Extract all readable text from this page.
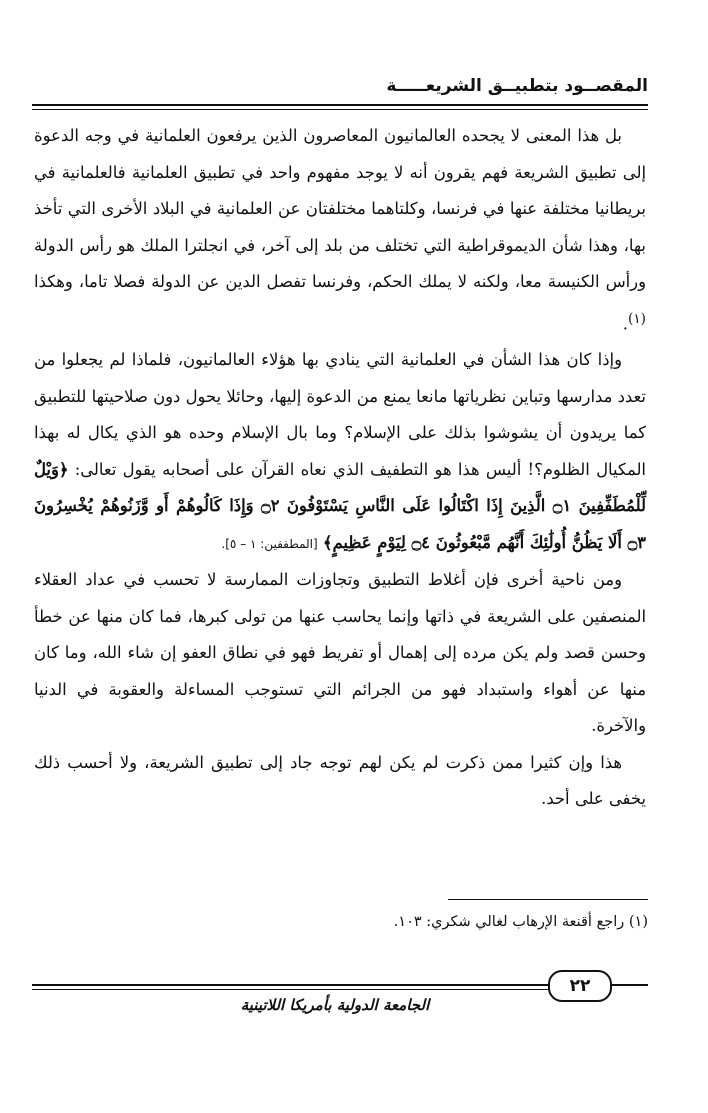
المقصــود بتطبيــق الشريعـــــة

بل هذا المعنى لا يجحده العالمانيون المعاصرون الذين يرفعون العلمانية في وجه الدعوة إلى تطبيق الشريعة فهم يقرون أنه لا يوجد مفهوم واحد في تطبيق العلمانية فالعلمانية في بريطانيا مختلفة عنها في فرنسا، وكلتاهما مختلفتان عن العلمانية في البلاد الأخرى التي تأخذ بها، وهذا شأن الديموقراطية التي تختلف من بلد إلى آخر، في انجلترا الملك هو رأس الدولة ورأس الكنيسة معا، ولكنه لا يملك الحكم، وفرنسا تفصل الدين عن الدولة فصلا تاما، وهكذا $^{(١)}$.

وإذا كان هذا الشأن في العلمانية التي ينادي بها هؤلاء العالمانيون، فلماذا لم يجعلوا من تعدد مدارسها وتباين نظرياتها مانعا يمنع من الدعوة إليها، وحائلا يحول دون صلاحيتها للتطبيق كما يريدون أن يشوشوا بذلك على الإسلام؟ وما بال الإسلام وحده هو الذي يكال له بهذا المكيال الظلوم؟! أليس هذا هو التطفيف الذي نعاه القرآن على أصحابه يقول تعالى: ﴿وَيْلٌ لِّلْمُطَفِّفِينَ ۝١ الَّذِينَ إِذَا اكْتَالُوا عَلَى النَّاسِ يَسْتَوْفُونَ ۝٢ وَإِذَا كَالُوهُمْ أَو وَّزَنُوهُمْ يُخْسِرُونَ ۝٣ أَلَا يَظُنُّ أُولَٰئِكَ أَنَّهُم مَّبْعُوثُونَ ۝٤ لِيَوْمٍ عَظِيمٍ﴾ [المطففين: ١ – ٥].

ومن ناحية أخرى فإن أغلاط التطبيق وتجاوزات الممارسة لا تحسب في عداد العقلاء المنصفين على الشريعة في ذاتها وإنما يحاسب عنها من تولى كبرها، فما كان منها عن خطأ وحسن قصد ولم يكن مرده إلى إهمال أو تفريط فهو في نطاق العفو إن شاء الله، وما كان منها عن أهواء واستبداد فهو من الجرائم التي تستوجب المساءلة والعقوبة في الدنيا والآخرة.

هذا وإن كثيرا ممن ذكرت لم يكن لهم توجه جاد إلى تطبيق الشريعة، ولا أحسب ذلك يخفى على أحد.

(١) راجع أقنعة الإرهاب لغالي شكري: ١٠٣.
٢٢
الجامعة الدولية بأمريكا اللاتينية
